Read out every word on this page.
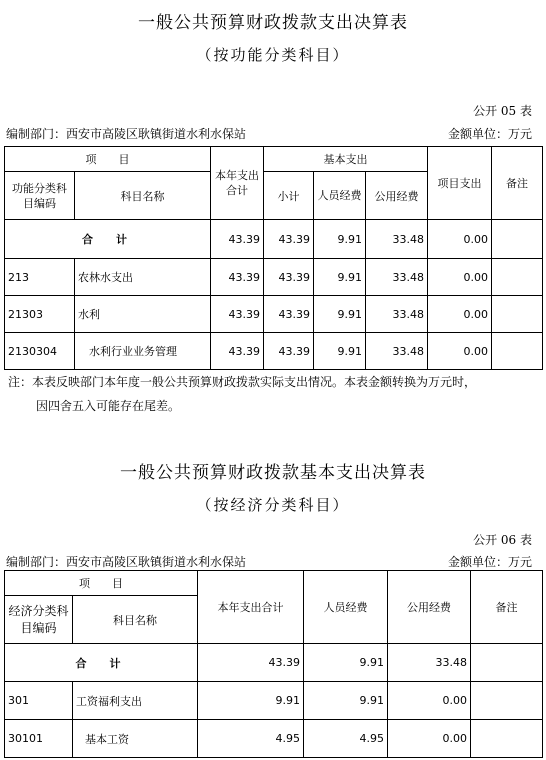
一般公共预算财政拨款支出决算表
（按功能分类科目）
公开 05 表
编制部门：西安市高陵区耿镇街道水利水保站	金额单位：万元
项　　目		本年支出合计	基本支出			项目支出	备注
功能分类科目编码	科目名称		小计	人员经费	公用经费		
合　计		43.39	43.39	9.91	33.48	0.00	
213	农林水支出	43.39	43.39	9.91	33.48	0.00	
21303	水利	43.39	43.39	9.91	33.48	0.00	
2130304	水利行业业务管理	43.39	43.39	9.91	33.48	0.00	
注：本表反映部门本年度一般公共预算财政拨款实际支出情况。本表金额转换为万元时，
因四舍五入可能存在尾差。
一般公共预算财政拨款基本支出决算表
（按经济分类科目）
公开 06 表
编制部门：西安市高陵区耿镇街道水利水保站	金额单位：万元
项　　目		本年支出合计	人员经费	公用经费	备注
经济分类科目编码	科目名称				
合　计		43.39	9.91	33.48	
301	工资福利支出	9.91	9.91	0.00	
30101	基本工资	4.95	4.95	0.00	
